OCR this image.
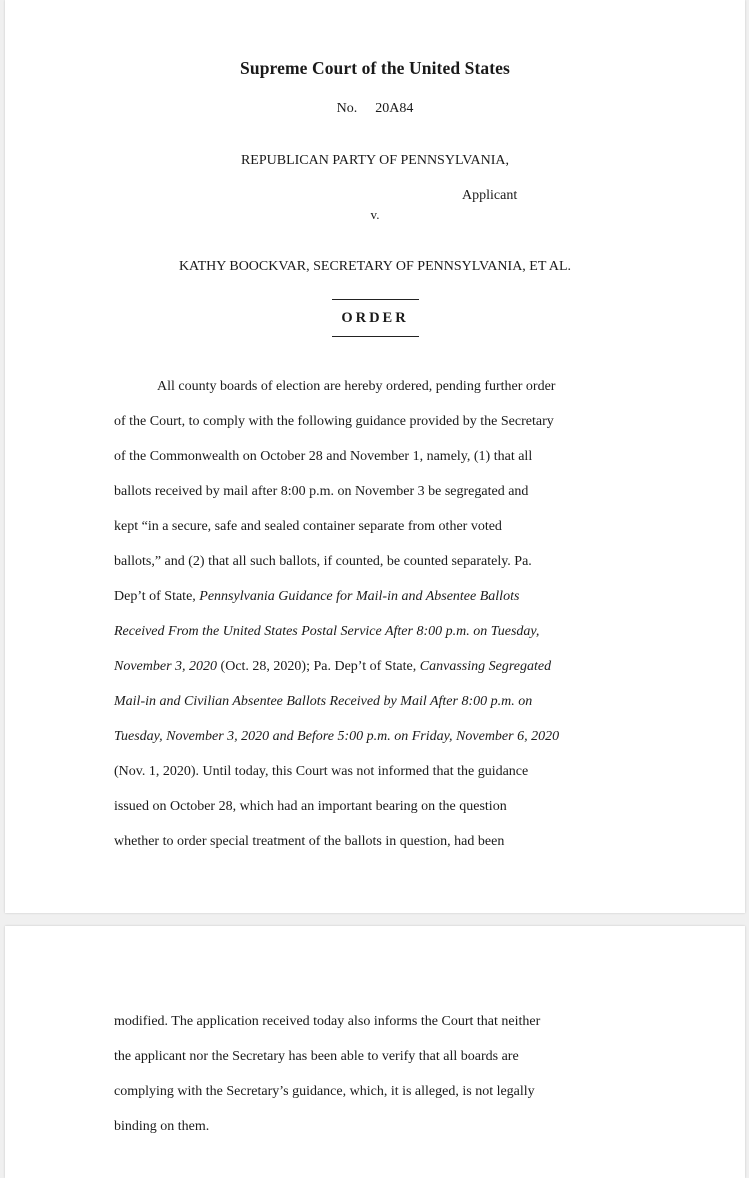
Supreme Court of the United States
No. 20A84
REPUBLICAN PARTY OF PENNSYLVANIA,
Applicant
v.
KATHY BOOCKVAR, SECRETARY OF PENNSYLVANIA, ET AL.
ORDER
All county boards of election are hereby ordered, pending further order
of the Court, to comply with the following guidance provided by the Secretary
of the Commonwealth on October 28 and November 1, namely, (1) that all
ballots received by mail after 8:00 p.m. on November 3 be segregated and
kept “in a secure, safe and sealed container separate from other voted
ballots,” and (2) that all such ballots, if counted, be counted separately. Pa.
Dep’t of State, Pennsylvania Guidance for Mail-in and Absentee Ballots
Received From the United States Postal Service After 8:00 p.m. on Tuesday,
November 3, 2020 (Oct. 28, 2020); Pa. Dep’t of State, Canvassing Segregated
Mail-in and Civilian Absentee Ballots Received by Mail After 8:00 p.m. on
Tuesday, November 3, 2020 and Before 5:00 p.m. on Friday, November 6, 2020
(Nov. 1, 2020). Until today, this Court was not informed that the guidance
issued on October 28, which had an important bearing on the question
whether to order special treatment of the ballots in question, had been
modified. The application received today also informs the Court that neither
the applicant nor the Secretary has been able to verify that all boards are
complying with the Secretary’s guidance, which, it is alleged, is not legally
binding on them.
